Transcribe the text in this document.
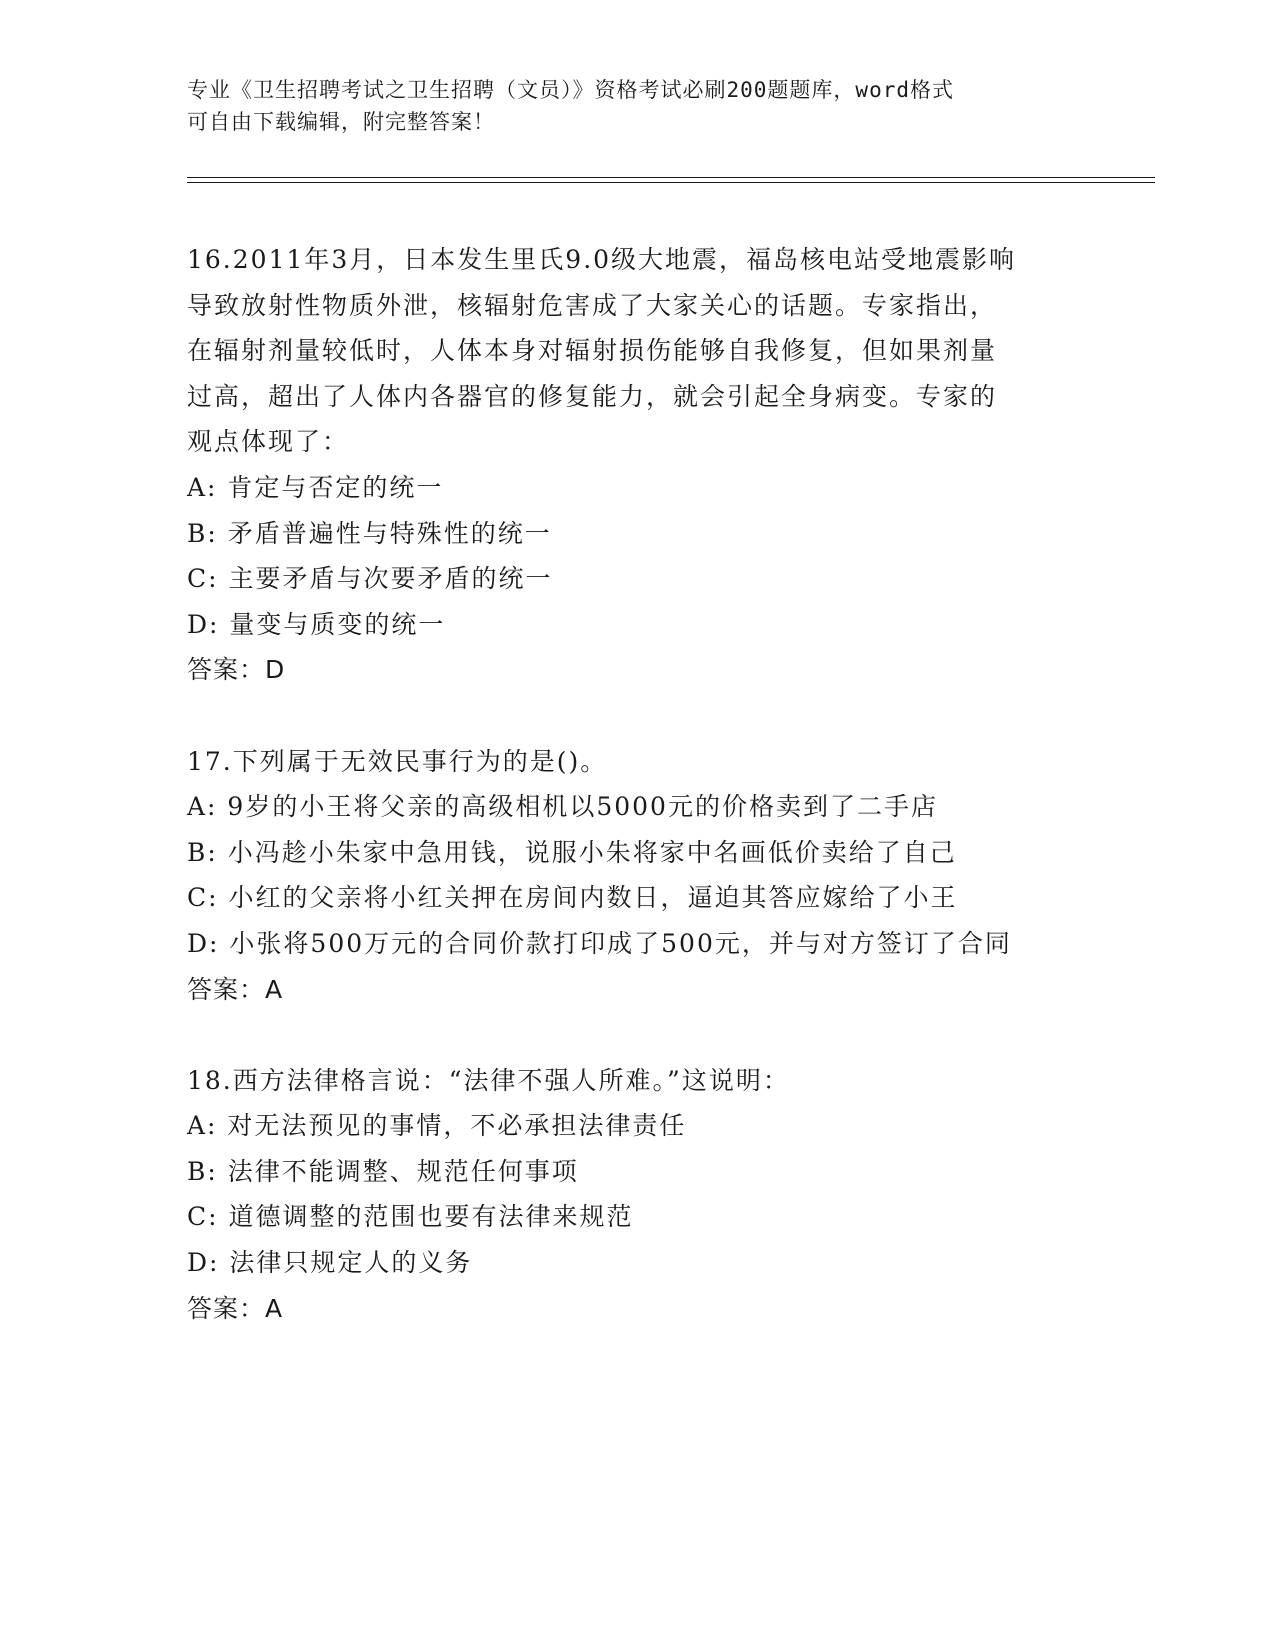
专业《卫生招聘考试之卫生招聘（文员）》资格考试必刷200题题库，word格式
可自由下载编辑，附完整答案！
16.2011年3月，日本发生里氏9.0级大地震，福岛核电站受地震影响
导致放射性物质外泄，核辐射危害成了大家关心的话题。专家指出，
在辐射剂量较低时，人体本身对辐射损伤能够自我修复，但如果剂量
过高，超出了人体内各器官的修复能力，就会引起全身病变。专家的
观点体现了：
A: 肯定与否定的统一
B: 矛盾普遍性与特殊性的统一
C: 主要矛盾与次要矛盾的统一
D: 量变与质变的统一
答案：D
17.下列属于无效民事行为的是()。
A: 9岁的小王将父亲的高级相机以5000元的价格卖到了二手店
B: 小冯趁小朱家中急用钱，说服小朱将家中名画低价卖给了自己
C: 小红的父亲将小红关押在房间内数日，逼迫其答应嫁给了小王
D: 小张将500万元的合同价款打印成了500元，并与对方签订了合同
答案：A
18.西方法律格言说：“法律不强人所难。”这说明：
A: 对无法预见的事情，不必承担法律责任
B: 法律不能调整、规范任何事项
C: 道德调整的范围也要有法律来规范
D: 法律只规定人的义务
答案：A
